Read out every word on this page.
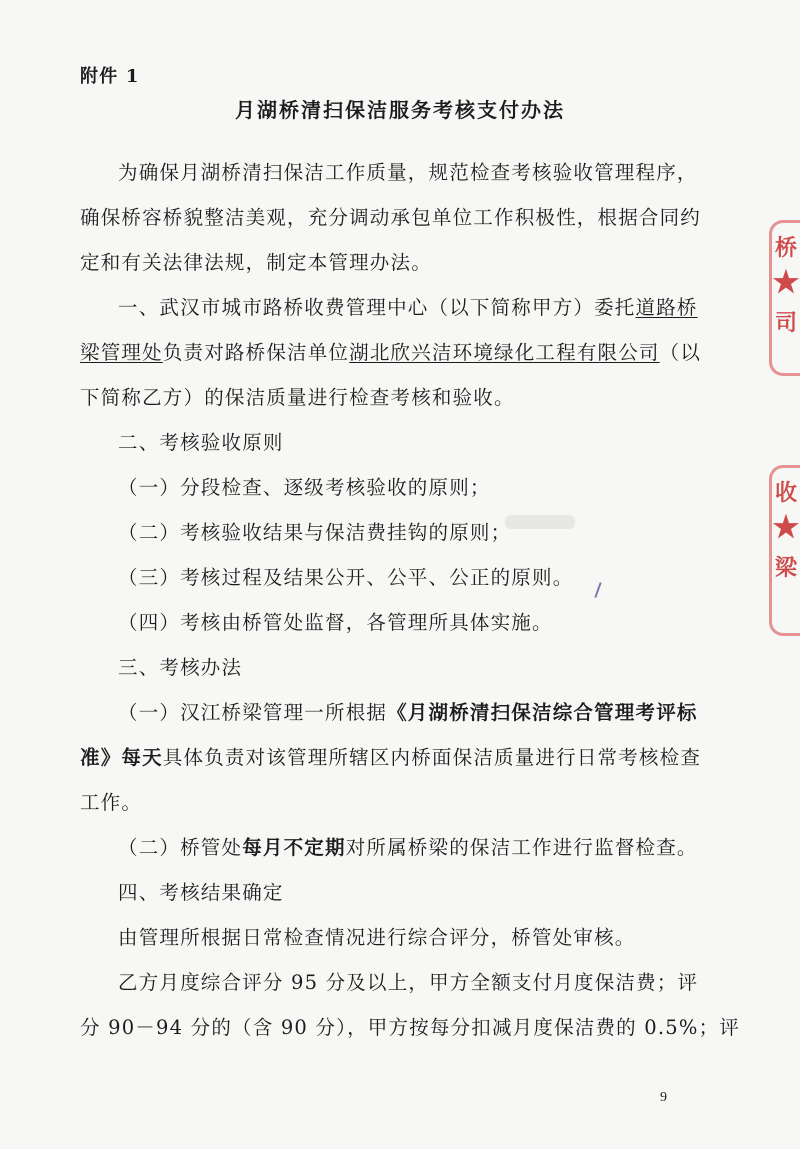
附件 1
月湖桥清扫保洁服务考核支付办法
为确保月湖桥清扫保洁工作质量，规范检查考核验收管理程序，
确保桥容桥貌整洁美观，充分调动承包单位工作积极性，根据合同约
定和有关法律法规，制定本管理办法。
一、武汉市城市路桥收费管理中心（以下简称甲方）委托道路桥
梁管理处负责对路桥保洁单位湖北欣兴洁环境绿化工程有限公司（以
下简称乙方）的保洁质量进行检查考核和验收。
二、考核验收原则
（一）分段检查、逐级考核验收的原则；
（二）考核验收结果与保洁费挂钩的原则；
（三）考核过程及结果公开、公平、公正的原则。
（四）考核由桥管处监督，各管理所具体实施。
三、考核办法
（一）汉江桥梁管理一所根据《月湖桥清扫保洁综合管理考评标
准》每天具体负责对该管理所辖区内桥面保洁质量进行日常考核检查
工作。
（二）桥管处每月不定期对所属桥梁的保洁工作进行监督检查。
四、考核结果确定
由管理所根据日常检查情况进行综合评分，桥管处审核。
乙方月度综合评分 95 分及以上，甲方全额支付月度保洁费；评
分 90－94 分的（含 90 分），甲方按每分扣减月度保洁费的 0.5%；评
9
桥
★
司
收
★
梁
